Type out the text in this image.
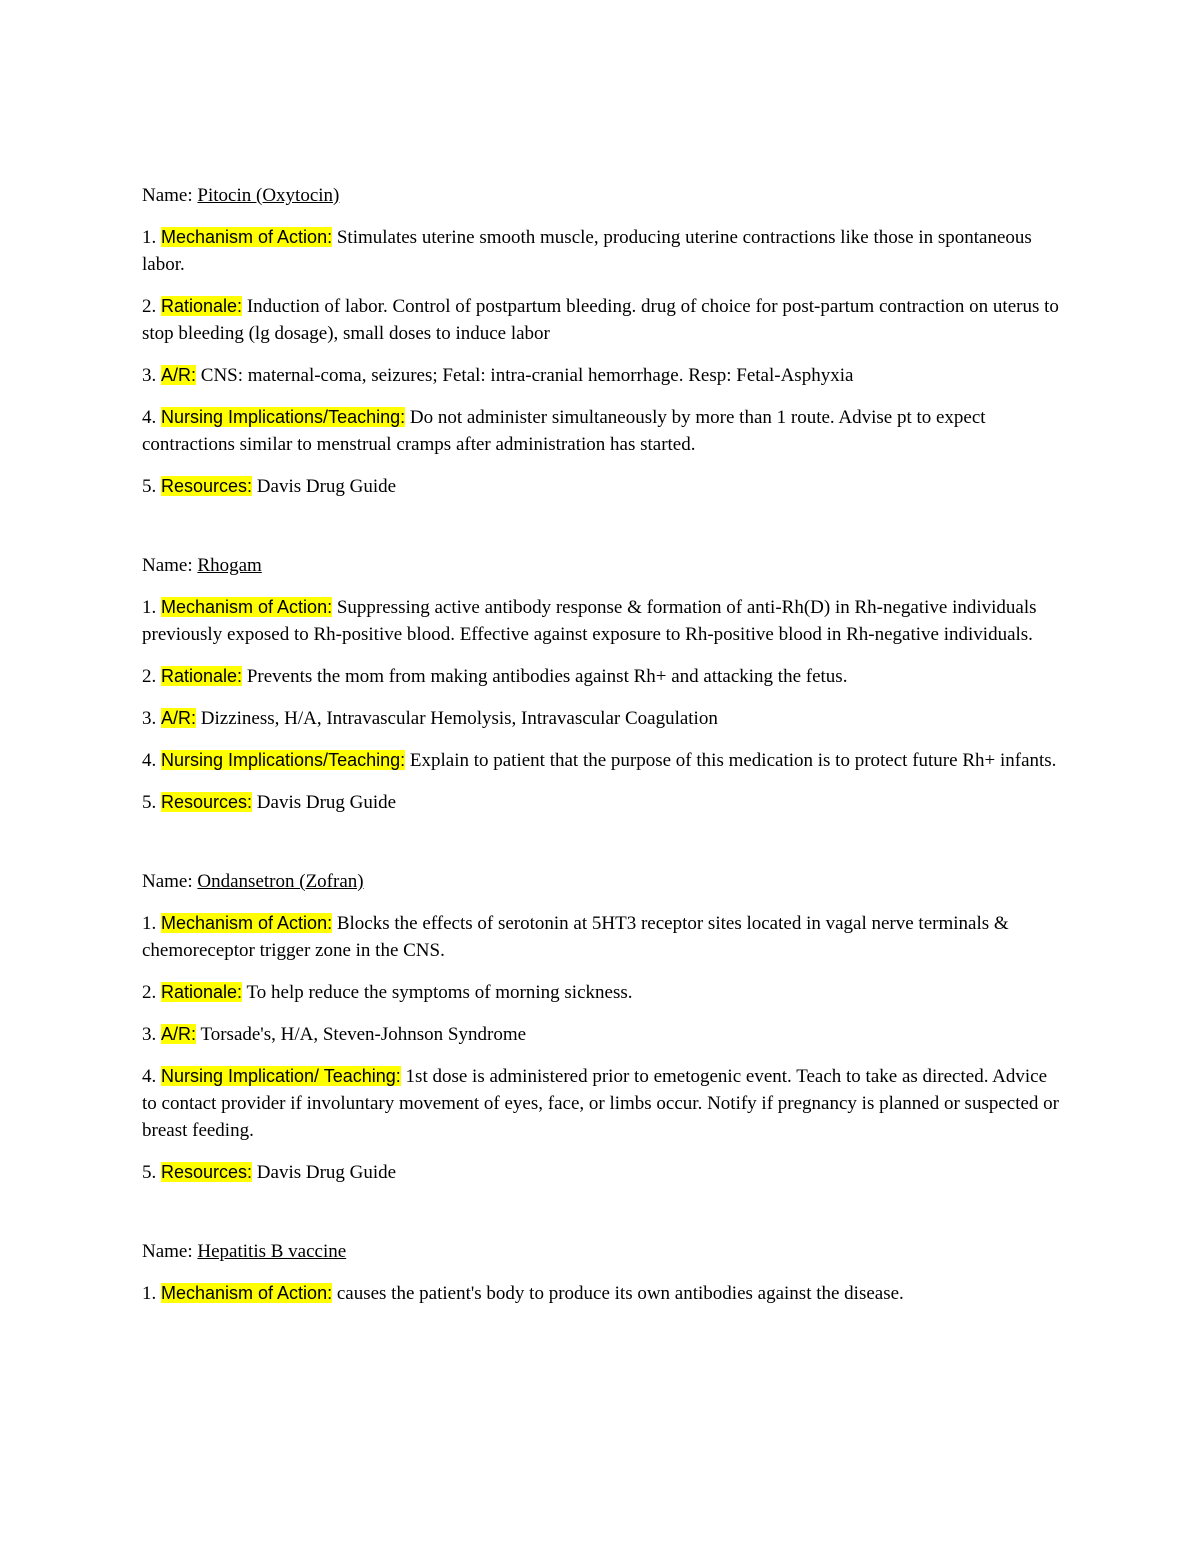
Name: Pitocin (Oxytocin)

1. Mechanism of Action: Stimulates uterine smooth muscle, producing uterine contractions like those in spontaneous labor.

2. Rationale: Induction of labor. Control of postpartum bleeding. drug of choice for post-partum contraction on uterus to stop bleeding (lg dosage), small doses to induce labor

3. A/R: CNS: maternal-coma, seizures; Fetal: intra-cranial hemorrhage. Resp: Fetal-Asphyxia

4. Nursing Implications/Teaching: Do not administer simultaneously by more than 1 route. Advise pt to expect contractions similar to menstrual cramps after administration has started.

5. Resources: Davis Drug Guide

Name: Rhogam

1. Mechanism of Action: Suppressing active antibody response & formation of anti-Rh(D) in Rh-negative individuals previously exposed to Rh-positive blood. Effective against exposure to Rh-positive blood in Rh-negative individuals.

2. Rationale: Prevents the mom from making antibodies against Rh+ and attacking the fetus.

3. A/R: Dizziness, H/A, Intravascular Hemolysis, Intravascular Coagulation

4. Nursing Implications/Teaching: Explain to patient that the purpose of this medication is to protect future Rh+ infants.

5. Resources: Davis Drug Guide

Name: Ondansetron (Zofran)

1. Mechanism of Action: Blocks the effects of serotonin at 5HT3 receptor sites located in vagal nerve terminals & chemoreceptor trigger zone in the CNS.

2. Rationale: To help reduce the symptoms of morning sickness.

3. A/R: Torsade's, H/A, Steven-Johnson Syndrome

4. Nursing Implication/ Teaching: 1st dose is administered prior to emetogenic event. Teach to take as directed. Advice to contact provider if involuntary movement of eyes, face, or limbs occur. Notify if pregnancy is planned or suspected or breast feeding.

5. Resources: Davis Drug Guide

Name: Hepatitis B vaccine

1. Mechanism of Action: causes the patient's body to produce its own antibodies against the disease.
